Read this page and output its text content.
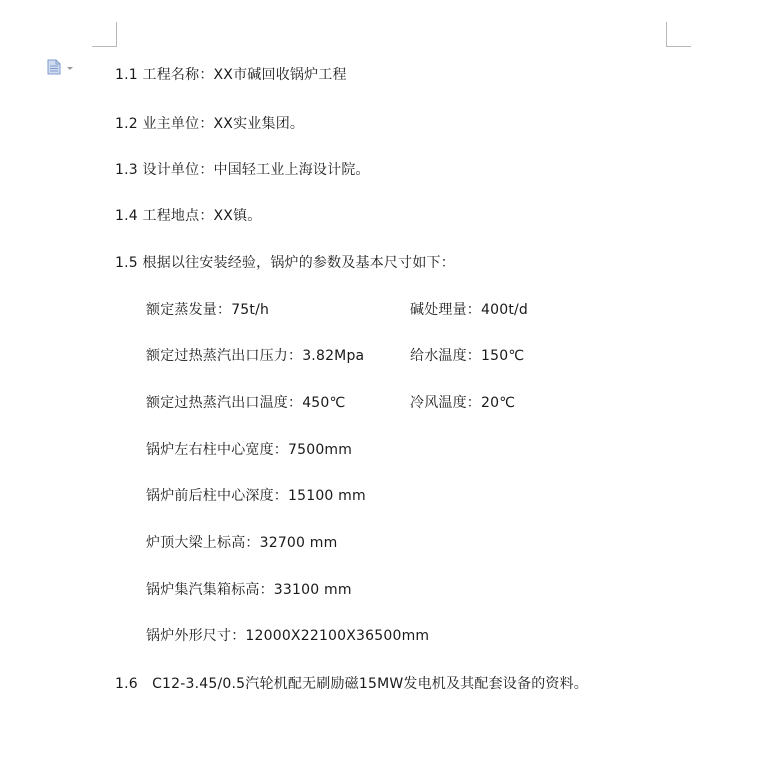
1.1 工程名称：XX市碱回收锅炉工程
1.2 业主单位：XX实业集团。
1.3 设计单位：中国轻工业上海设计院。
1.4 工程地点：XX镇。
1.5 根据以往安装经验，锅炉的参数及基本尺寸如下：
额定蒸发量：75t/h	碱处理量：400t/d
额定过热蒸汽出口压力：3.82Mpa	给水温度：150℃
额定过热蒸汽出口温度：450℃	冷风温度：20℃
锅炉左右柱中心宽度：7500mm
锅炉前后柱中心深度：15100 mm
炉顶大梁上标高：32700 mm
锅炉集汽集箱标高：33100 mm
锅炉外形尺寸：12000X22100X36500mm
1.6　C12-3.45/0.5汽轮机配无刷励磁15MW发电机及其配套设备的资料。
